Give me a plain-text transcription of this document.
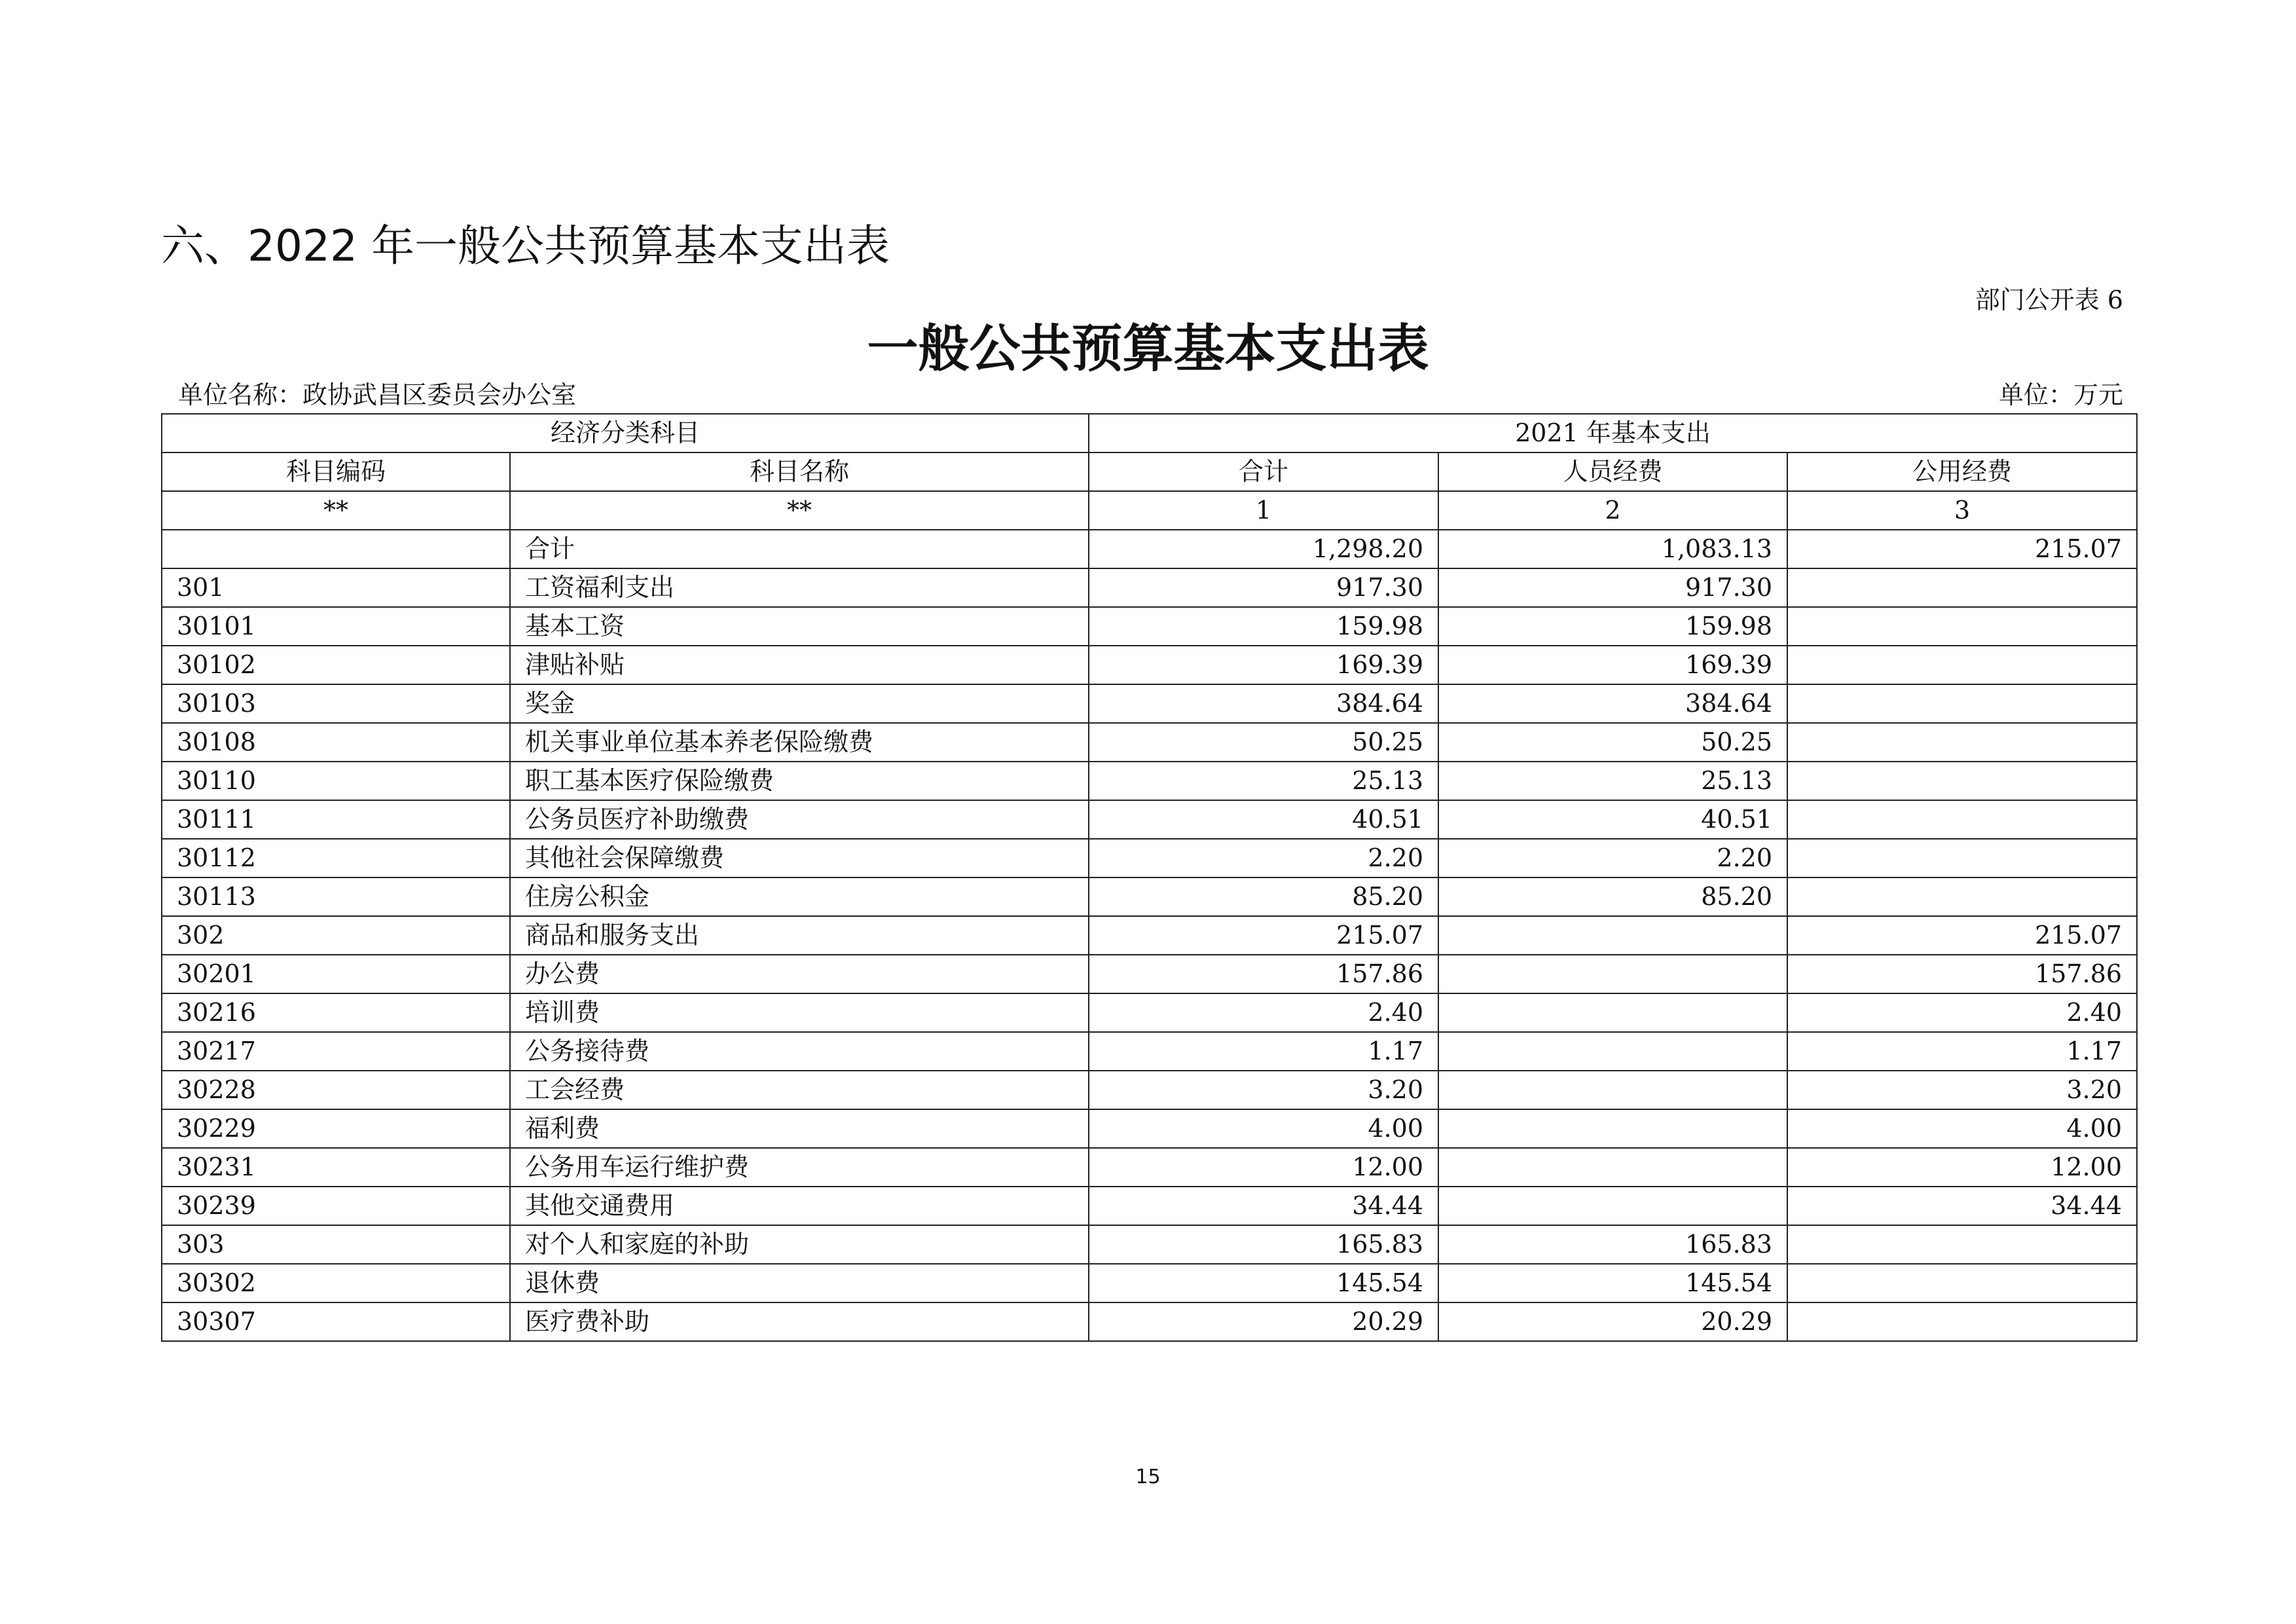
六、2022 年一般公共预算基本支出表
部门公开表 6
一般公共预算基本支出表
单位名称：政协武昌区委员会办公室	单位：万元
经济分类科目		2021 年基本支出		
科目编码	科目名称	合计	人员经费	公用经费
**	**	1	2	3
	合计	1,298.20	1,083.13	215.07
301	工资福利支出	917.30	917.30	
30101	基本工资	159.98	159.98	
30102	津贴补贴	169.39	169.39	
30103	奖金	384.64	384.64	
30108	机关事业单位基本养老保险缴费	50.25	50.25	
30110	职工基本医疗保险缴费	25.13	25.13	
30111	公务员医疗补助缴费	40.51	40.51	
30112	其他社会保障缴费	2.20	2.20	
30113	住房公积金	85.20	85.20	
302	商品和服务支出	215.07		215.07
30201	办公费	157.86		157.86
30216	培训费	2.40		2.40
30217	公务接待费	1.17		1.17
30228	工会经费	3.20		3.20
30229	福利费	4.00		4.00
30231	公务用车运行维护费	12.00		12.00
30239	其他交通费用	34.44		34.44
303	对个人和家庭的补助	165.83	165.83	
30302	退休费	145.54	145.54	
30307	医疗费补助	20.29	20.29	
15
